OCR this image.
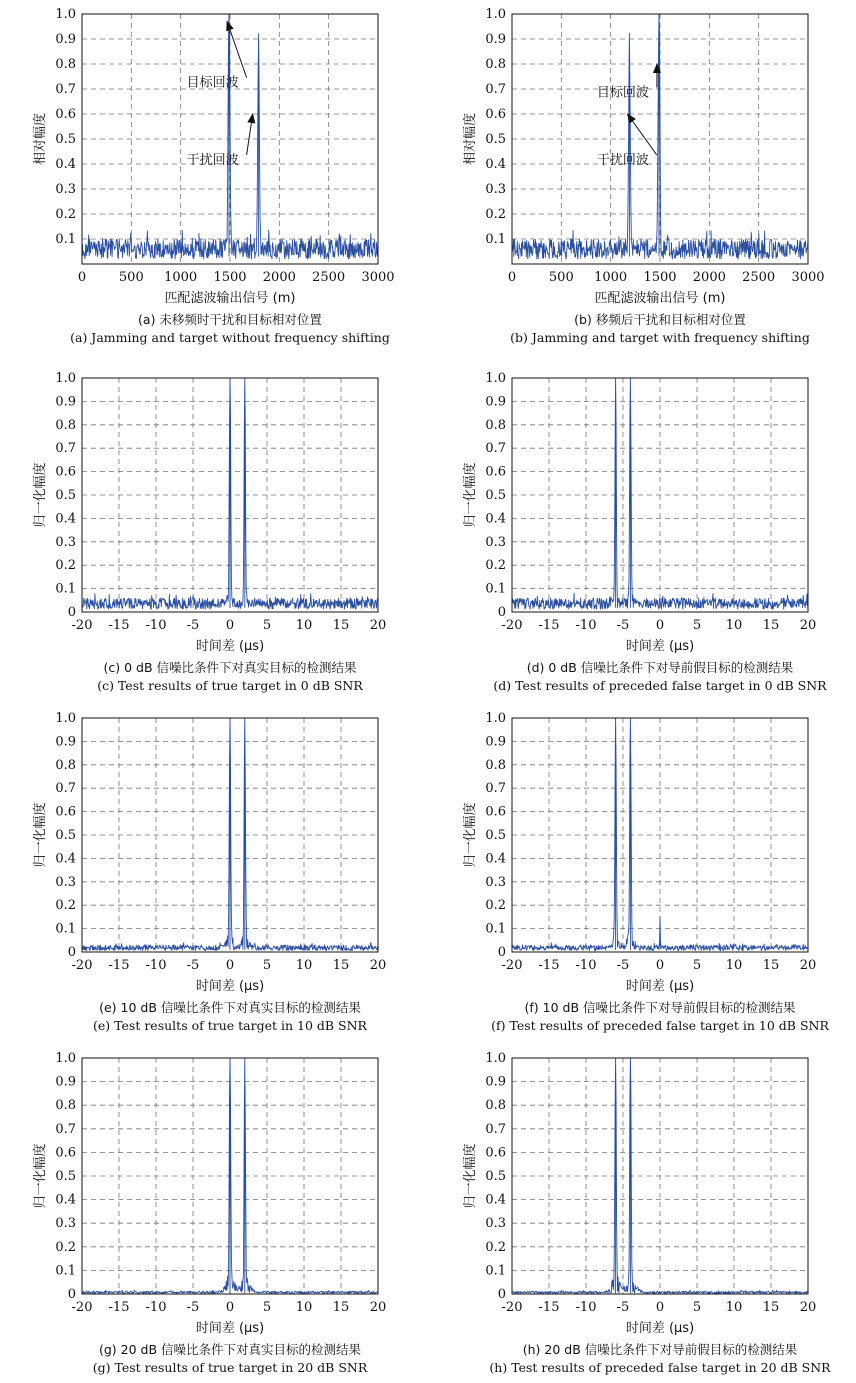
0	500 1000 1500 2000 2500 3000
0.1
0.2
0.3
0.4
0.5
0.6
0.7
0.8
0.9
1.0
匹配滤波输出信号 (m)
相对幅度
目标回波
干扰回波
(a) 未移频时干扰和目标相对位置
(a) Jamming and target without frequency shifting
0	500 1000 1500 2000 2500 3000
0.1
0.2
0.3
0.4
0.5
0.6
0.7
0.8
0.9
1.0
匹配滤波输出信号 (m)
相对幅度
目标回波
干扰回波
(b) 移频后干扰和目标相对位置
(b) Jamming and target with frequency shifting
-20 -15 -10 -5 0 5 10 15 20
0
0.1
0.2
0.3
0.4
0.5
0.6
0.7
0.8
0.9
1.0
时间差 (μs)
归一化幅度
(c) 0 dB 信噪比条件下对真实目标的检测结果
(c) Test results of true target in 0 dB SNR
-20 -15 -10 -5 0 5 10 15 20
0
0.1
0.2
0.3
0.4
0.5
0.6
0.7
0.8
0.9
1.0
时间差 (μs)
归一化幅度
(d) 0 dB 信噪比条件下对导前假目标的检测结果
(d) Test results of preceded false target in 0 dB SNR
-20 -15 -10 -5 0 5 10 15 20
0
0.1
0.2
0.3
0.4
0.5
0.6
0.7
0.8
0.9
1.0
时间差 (μs)
归一化幅度
(e) 10 dB 信噪比条件下对真实目标的检测结果
(e) Test results of true target in 10 dB SNR
-20 -15 -10 -5 0 5 10 15 20
0
0.1
0.2
0.3
0.4
0.5
0.6
0.7
0.8
0.9
1.0
时间差 (μs)
归一化幅度
(f) 10 dB 信噪比条件下对导前假目标的检测结果
(f) Test results of preceded false target in 10 dB SNR
-20 -15 -10 -5 0 5 10 15 20
0
0.1
0.2
0.3
0.4
0.5
0.6
0.7
0.8
0.9
1.0
时间差 (μs)
归一化幅度
(g) 20 dB 信噪比条件下对真实目标的检测结果
(g) Test results of true target in 20 dB SNR
-20 -15 -10 -5 0 5 10 15 20
0
0.1
0.2
0.3
0.4
0.5
0.6
0.7
0.8
0.9
1.0
时间差 (μs)
归一化幅度
(h) 20 dB 信噪比条件下对导前假目标的检测结果
(h) Test results of preceded false target in 20 dB SNR
